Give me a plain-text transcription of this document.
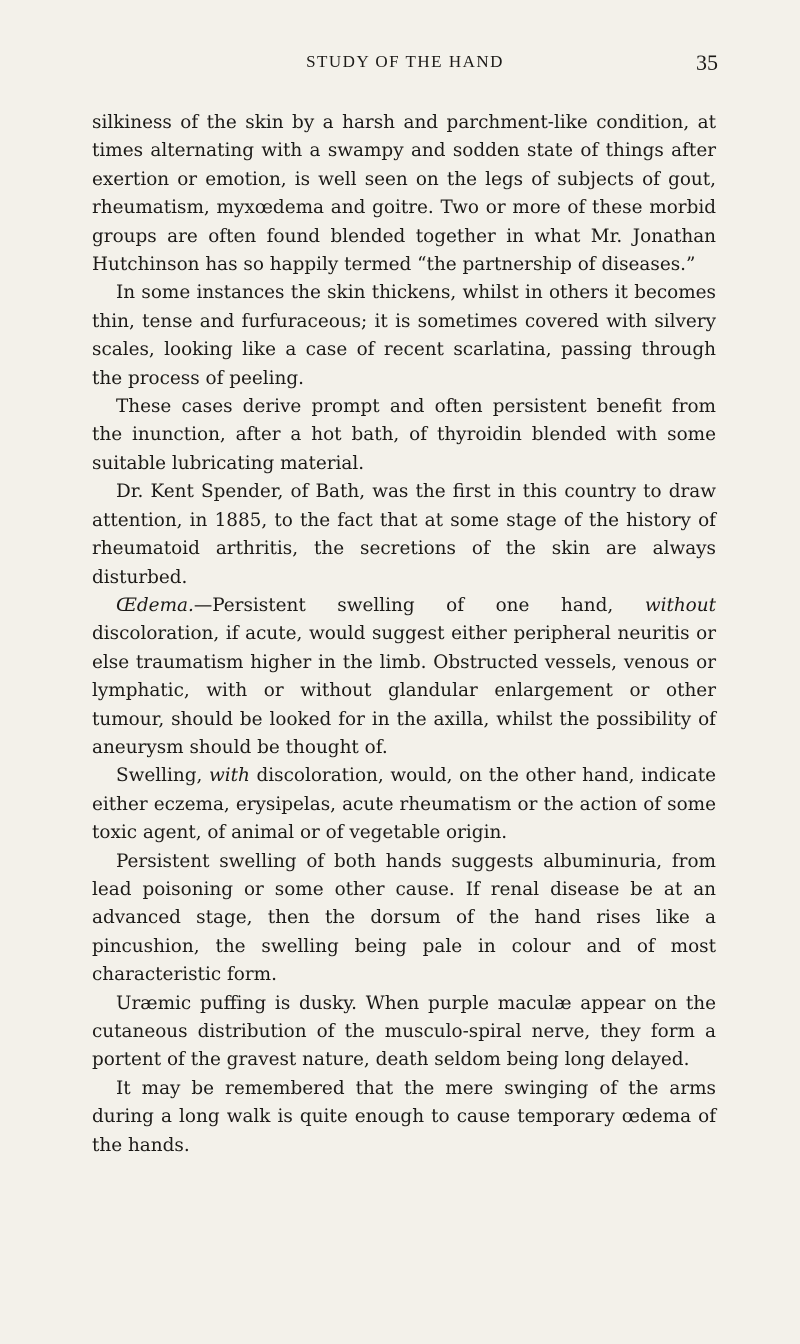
STUDY OF THE HAND	35

silkiness of the skin by a harsh and parchment-like condition, at times alternating with a swampy and sodden state of things after exertion or emotion, is well seen on the legs of subjects of gout, rheumatism, myxœdema and goitre. Two or more of these morbid groups are often found blended together in what Mr. Jonathan Hutchinson has so happily termed “the partnership of diseases.”

In some instances the skin thickens, whilst in others it becomes thin, tense and furfuraceous; it is sometimes covered with silvery scales, looking like a case of recent scarlatina, passing through the process of peeling.

These cases derive prompt and often persistent benefit from the inunction, after a hot bath, of thyroidin blended with some suitable lubricating material.

Dr. Kent Spender, of Bath, was the first in this country to draw attention, in 1885, to the fact that at some stage of the history of rheumatoid arthritis, the secretions of the skin are always disturbed.

Œdema.—Persistent swelling of one hand, without discoloration, if acute, would suggest either peripheral neuritis or else traumatism higher in the limb. Obstructed vessels, venous or lymphatic, with or without glandular enlargement or other tumour, should be looked for in the axilla, whilst the possibility of aneurysm should be thought of.

Swelling, with discoloration, would, on the other hand, indicate either eczema, erysipelas, acute rheumatism or the action of some toxic agent, of animal or of vegetable origin.

Persistent swelling of both hands suggests albuminuria, from lead poisoning or some other cause. If renal disease be at an advanced stage, then the dorsum of the hand rises like a pincushion, the swelling being pale in colour and of most characteristic form.

Uræmic puffing is dusky. When purple maculæ appear on the cutaneous distribution of the musculo-spiral nerve, they form a portent of the gravest nature, death seldom being long delayed.

It may be remembered that the mere swinging of the arms during a long walk is quite enough to cause temporary œdema of the hands.
